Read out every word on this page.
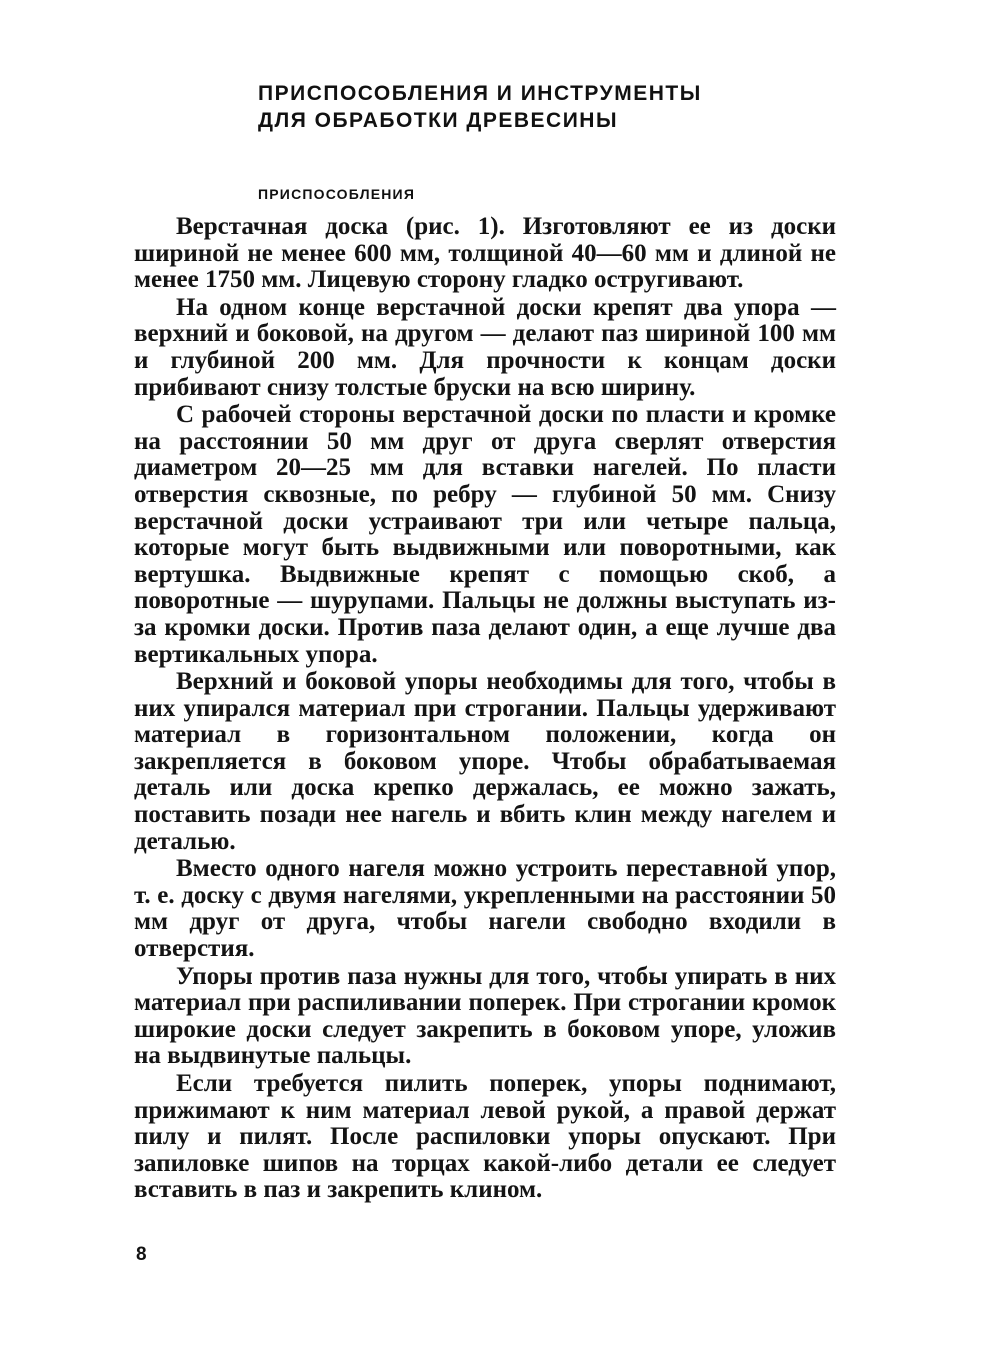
ПРИСПОСОБЛЕНИЯ И ИНСТРУМЕНТЫ
ДЛЯ ОБРАБОТКИ ДРЕВЕСИНЫ
ПРИСПОСОБЛЕНИЯ

Верстачная доска (рис. 1). Изготовляют ее из доски шириной не менее 600 мм, толщиной 40—60 мм и длиной не менее 1750 мм. Лицевую сторону гладко остругивают.

На одном конце верстачной доски крепят два упора — верхний и боковой, на другом — делают паз шириной 100 мм и глубиной 200 мм. Для прочности к концам доски прибивают снизу толстые бруски на всю ширину.

С рабочей стороны верстачной доски по пласти и кромке на расстоянии 50 мм друг от друга сверлят отверстия диаметром 20—25 мм для вставки нагелей. По пласти отверстия сквозные, по ребру — глубиной 50 мм. Снизу верстачной доски устраивают три или четыре пальца, которые могут быть выдвижными или поворотными, как вертушка. Выдвижные крепят с помощью скоб, а поворотные — шурупами. Пальцы не должны выступать из-за кромки доски. Против паза делают один, а еще лучше два вертикальных упора.

Верхний и боковой упоры необходимы для того, чтобы в них упирался материал при строгании. Пальцы удерживают материал в горизонтальном положении, когда он закрепляется в боковом упоре. Чтобы обрабатываемая деталь или доска крепко держалась, ее можно зажать, поставить позади нее нагель и вбить клин между нагелем и деталью.

Вместо одного нагеля можно устроить переставной упор, т. е. доску с двумя нагелями, укрепленными на расстоянии 50 мм друг от друга, чтобы нагели свободно входили в отверстия.

Упоры против паза нужны для того, чтобы упирать в них материал при распиливании поперек. При строгании кромок широкие доски следует закрепить в боковом упоре, уложив на выдвинутые пальцы.

Если требуется пилить поперек, упоры поднимают, прижимают к ним материал левой рукой, а правой держат пилу и пилят. После распиловки упоры опускают. При запиловке шипов на торцах какой-либо детали ее следует вставить в паз и закрепить клином.

8
